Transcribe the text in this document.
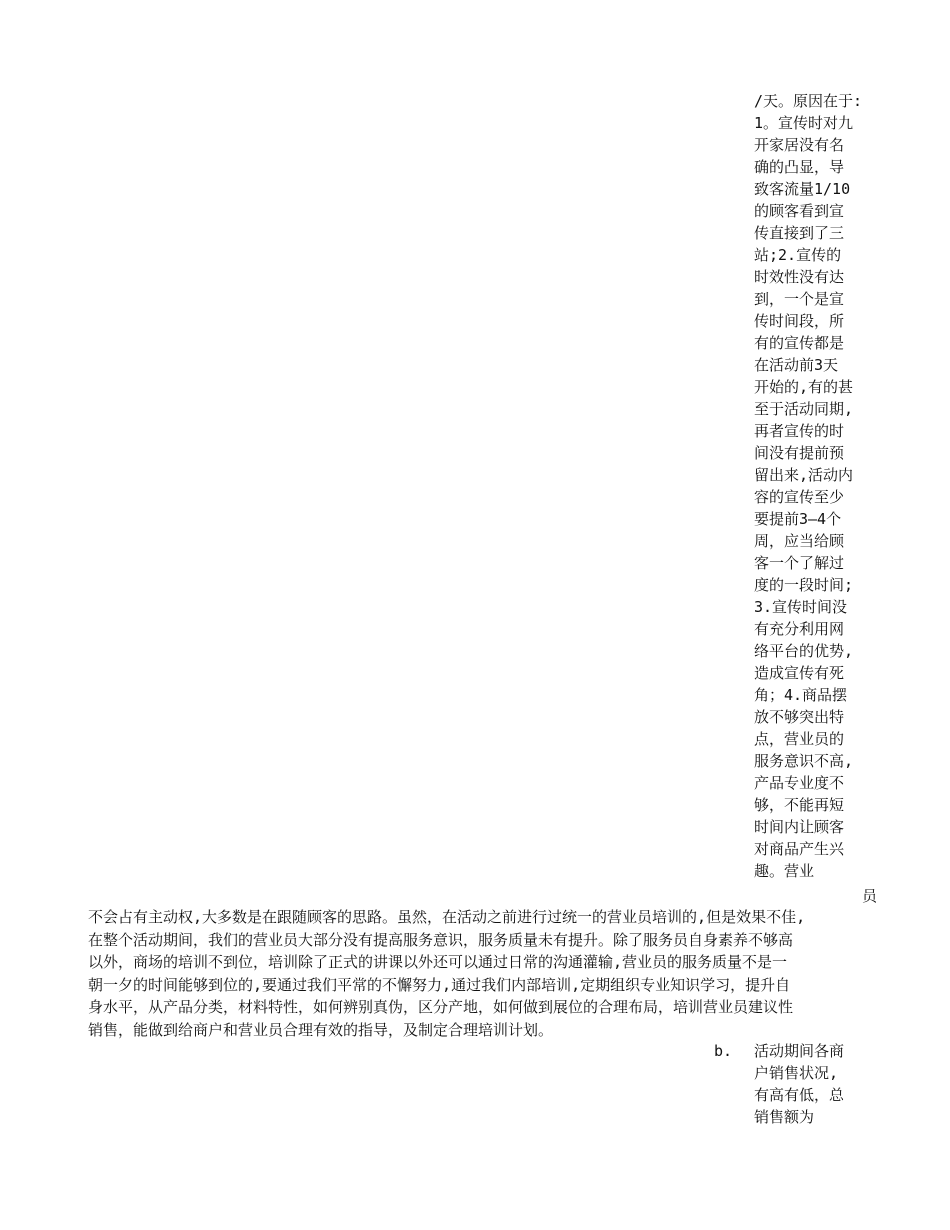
/天。原因在于:
1。宣传时对九
开家居没有名
确的凸显，导
致客流量1/10
的顾客看到宣
传直接到了三
站;2.宣传的
时效性没有达
到，一个是宣
传时间段，所
有的宣传都是
在活动前3天
开始的,有的甚
至于活动同期,
再者宣传的时
间没有提前预
留出来,活动内
容的宣传至少
要提前3—4个
周，应当给顾
客一个了解过
度的一段时间;
3.宣传时间没
有充分利用网
络平台的优势,
造成宣传有死
角；4.商品摆
放不够突出特
点，营业员的
服务意识不高,
产品专业度不
够，不能再短
时间内让顾客
对商品产生兴
趣。营业
员
不会占有主动权,大多数是在跟随顾客的思路。虽然，在活动之前进行过统一的营业员培训的,但是效果不佳,
在整个活动期间，我们的营业员大部分没有提高服务意识，服务质量未有提升。除了服务员自身素养不够高
以外，商场的培训不到位，培训除了正式的讲课以外还可以通过日常的沟通灌输,营业员的服务质量不是一
朝一夕的时间能够到位的,要通过我们平常的不懈努力,通过我们内部培训,定期组织专业知识学习，提升自
身水平，从产品分类，材料特性，如何辨别真伪，区分产地，如何做到展位的合理布局，培训营业员建议性
销售，能做到给商户和营业员合理有效的指导，及制定合理培训计划。
b. 活动期间各商
户销售状况,
有高有低，总
销售额为
